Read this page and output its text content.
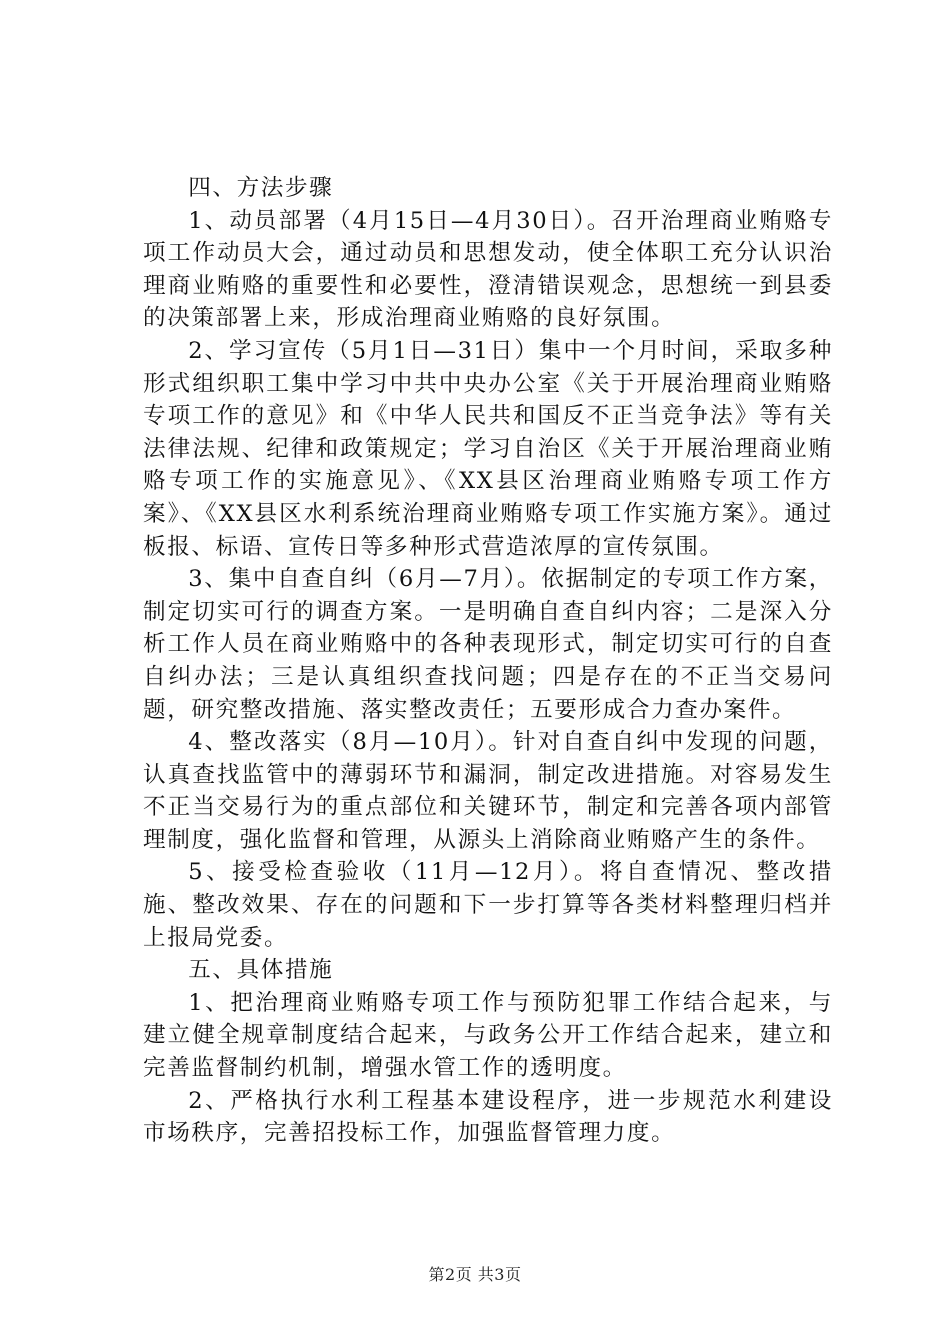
四、方法步骤

1、动员部署（4月15日—4月30日）。召开治理商业贿赂专项工作动员大会，通过动员和思想发动，使全体职工充分认识治理商业贿赂的重要性和必要性，澄清错误观念，思想统一到县委的决策部署上来，形成治理商业贿赂的良好氛围。

2、学习宣传（5月1日—31日）集中一个月时间，采取多种形式组织职工集中学习中共中央办公室《关于开展治理商业贿赂专项工作的意见》和《中华人民共和国反不正当竞争法》等有关法律法规、纪律和政策规定；学习自治区《关于开展治理商业贿赂专项工作的实施意见》、《XX县区治理商业贿赂专项工作方案》、《XX县区水利系统治理商业贿赂专项工作实施方案》。通过板报、标语、宣传日等多种形式营造浓厚的宣传氛围。

3、集中自查自纠（6月—7月）。依据制定的专项工作方案，制定切实可行的调查方案。一是明确自查自纠内容；二是深入分析工作人员在商业贿赂中的各种表现形式，制定切实可行的自查自纠办法；三是认真组织查找问题；四是存在的不正当交易问题，研究整改措施、落实整改责任；五要形成合力查办案件。

4、整改落实（8月—10月）。针对自查自纠中发现的问题，认真查找监管中的薄弱环节和漏洞，制定改进措施。对容易发生不正当交易行为的重点部位和关键环节，制定和完善各项内部管理制度，强化监督和管理，从源头上消除商业贿赂产生的条件。

5、接受检查验收（11月—12月）。将自查情况、整改措施、整改效果、存在的问题和下一步打算等各类材料整理归档并上报局党委。

五、具体措施

1、把治理商业贿赂专项工作与预防犯罪工作结合起来，与建立健全规章制度结合起来，与政务公开工作结合起来，建立和完善监督制约机制，增强水管工作的透明度。

2、严格执行水利工程基本建设程序，进一步规范水利建设市场秩序，完善招投标工作，加强监督管理力度。

第2页 共3页
